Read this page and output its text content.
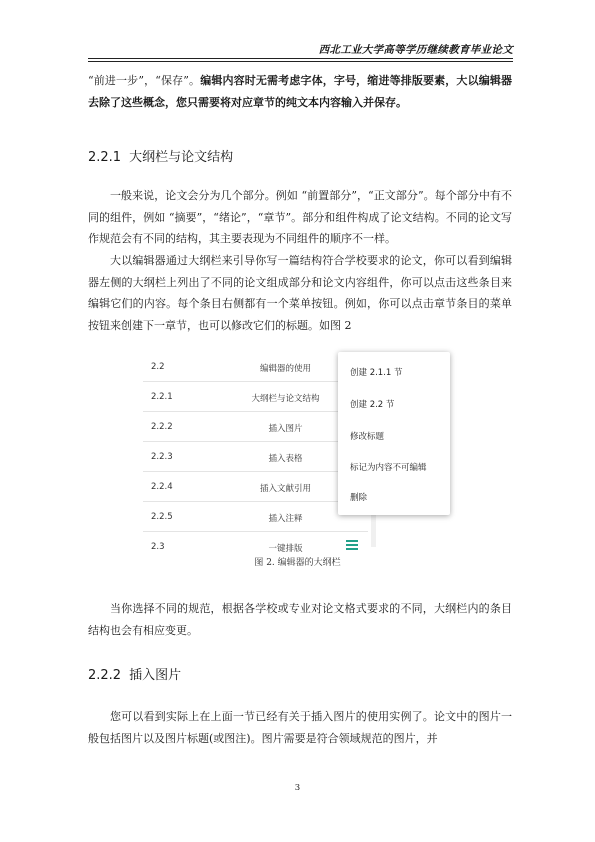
西北工业大学高等学历继续教育毕业论文
“前进一步”，“保存”。编辑内容时无需考虑字体，字号，缩进等排版要素，大以编辑器去除了这些概念，您只需要将对应章节的纯文本内容输入并保存。
2.2.1 大纲栏与论文结构
一般来说，论文会分为几个部分。例如 “前置部分”，“正文部分”。每个部分中有不同的组件，例如 “摘要”，“绪论”，“章节”。部分和组件构成了论文结构。不同的论文写作规范会有不同的结构，其主要表现为不同组件的顺序不一样。
大以编辑器通过大纲栏来引导你写一篇结构符合学校要求的论文，你可以看到编辑器左侧的大纲栏上列出了不同的论文组成部分和论文内容组件，你可以点击这些条目来编辑它们的内容。每个条目右侧都有一个菜单按钮。例如，你可以点击章节条目的菜单按钮来创建下一章节，也可以修改它们的标题。如图 2
2.2	编辑器的使用
2.2.1	大纲栏与论文结构
2.2.2	插入图片
2.2.3	插入表格
2.2.4	插入文献引用
2.2.5	插入注释
2.3	一键排版
创建 2.1.1 节
创建 2.2 节
修改标题
标记为内容不可编辑
删除
图 2. 编辑器的大纲栏
当你选择不同的规范，根据各学校或专业对论文格式要求的不同，大纲栏内的条目结构也会有相应变更。
2.2.2 插入图片
您可以看到实际上在上面一节已经有关于插入图片的使用实例了。论文中的图片一般包括图片以及图片标题(或图注)。图片需要是符合领域规范的图片，并
3
